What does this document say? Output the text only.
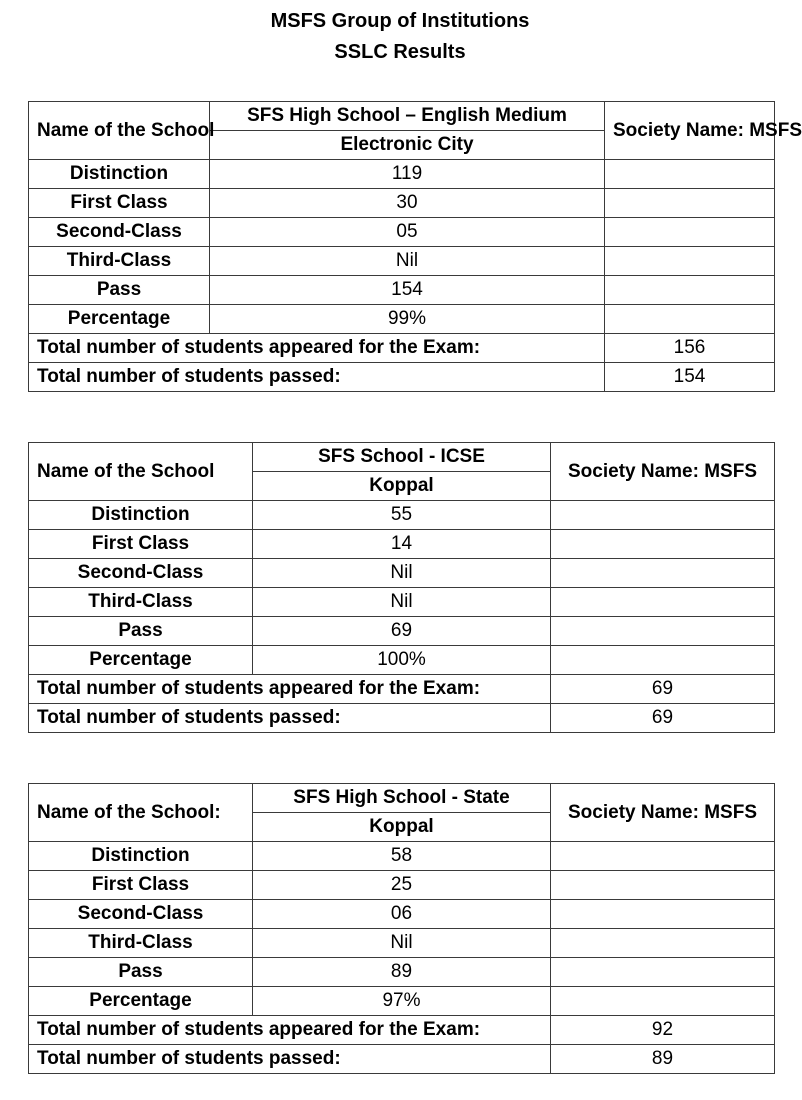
MSFS Group of Institutions
SSLC Results
Name of the School	SFS High School – English Medium	Society Name: MSFS
	Electronic City	
Distinction	119	
First Class	30	
Second-Class	05	
Third-Class	Nil	
Pass	154	
Percentage	99%	
Total number of students appeared for the Exam:		156
Total number of students passed:		154
Name of the School	SFS School - ICSE	Society Name: MSFS
	Koppal	
Distinction	55	
First Class	14	
Second-Class	Nil	
Third-Class	Nil	
Pass	69	
Percentage	100%	
Total number of students appeared for the Exam:		69
Total number of students passed:		69
Name of the School:	SFS High School - State	Society Name: MSFS
	Koppal	
Distinction	58	
First Class	25	
Second-Class	06	
Third-Class	Nil	
Pass	89	
Percentage	97%	
Total number of students appeared for the Exam:		92
Total number of students passed:		89
